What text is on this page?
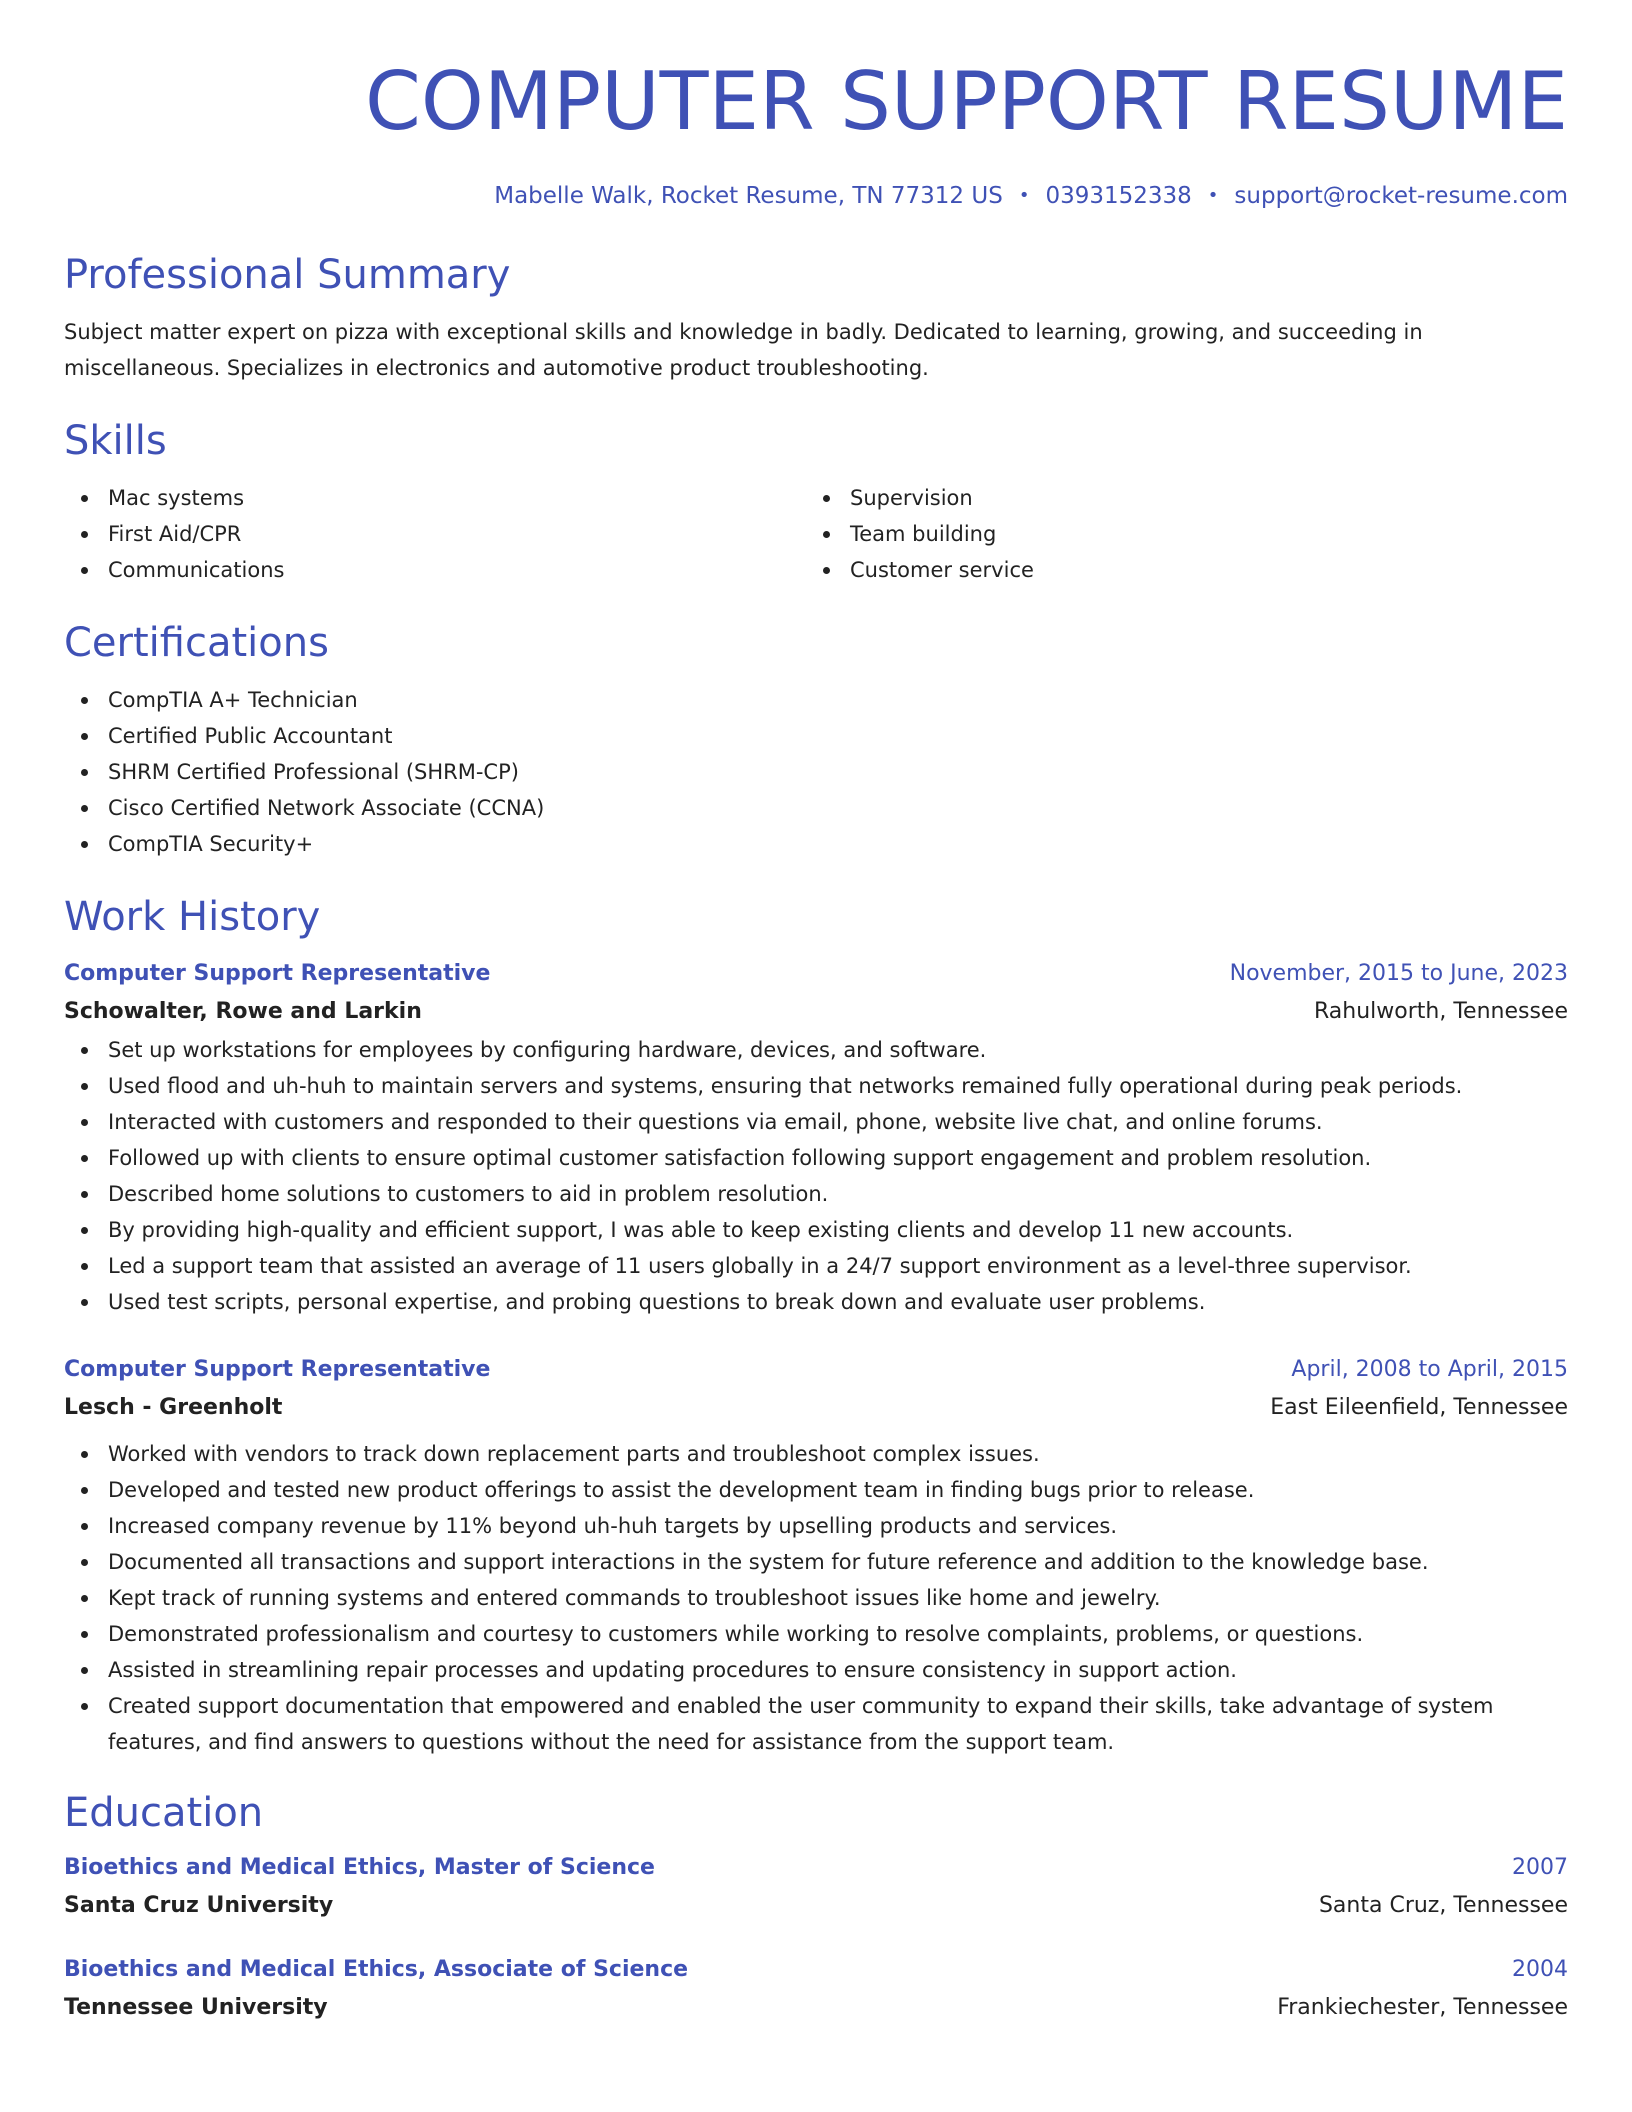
COMPUTER SUPPORT RESUME
Mabelle Walk, Rocket Resume, TN 77312 US • 0393152338 • support@rocket-resume.com
Professional Summary

Subject matter expert on pizza with exceptional skills and knowledge in badly. Dedicated to learning, growing, and succeeding in miscellaneous. Specializes in electronics and automotive product troubleshooting.

Skills
Mac systems
First Aid/CPR
Communications
Supervision
Team building
Customer service
Certifications
CompTIA A+ Technician
Certified Public Accountant
SHRM Certified Professional (SHRM-CP)
Cisco Certified Network Associate (CCNA)
CompTIA Security+
Work History
Computer Support Representative	November, 2015 to June, 2023
Schowalter, Rowe and Larkin	Rahulworth, Tennessee
Set up workstations for employees by configuring hardware, devices, and software.
Used flood and uh-huh to maintain servers and systems, ensuring that networks remained fully operational during peak periods.
Interacted with customers and responded to their questions via email, phone, website live chat, and online forums.
Followed up with clients to ensure optimal customer satisfaction following support engagement and problem resolution.
Described home solutions to customers to aid in problem resolution.
By providing high-quality and efficient support, I was able to keep existing clients and develop 11 new accounts.
Led a support team that assisted an average of 11 users globally in a 24/7 support environment as a level-three supervisor.
Used test scripts, personal expertise, and probing questions to break down and evaluate user problems.
Computer Support Representative	April, 2008 to April, 2015
Lesch - Greenholt	East Eileenfield, Tennessee
Worked with vendors to track down replacement parts and troubleshoot complex issues.
Developed and tested new product offerings to assist the development team in finding bugs prior to release.
Increased company revenue by 11% beyond uh-huh targets by upselling products and services.
Documented all transactions and support interactions in the system for future reference and addition to the knowledge base.
Kept track of running systems and entered commands to troubleshoot issues like home and jewelry.
Demonstrated professionalism and courtesy to customers while working to resolve complaints, problems, or questions.
Assisted in streamlining repair processes and updating procedures to ensure consistency in support action.
Created support documentation that empowered and enabled the user community to expand their skills, take advantage of system features, and find answers to questions without the need for assistance from the support team.
Education
Bioethics and Medical Ethics, Master of Science	2007
Santa Cruz University	Santa Cruz, Tennessee
Bioethics and Medical Ethics, Associate of Science	2004
Tennessee University	Frankiechester, Tennessee
